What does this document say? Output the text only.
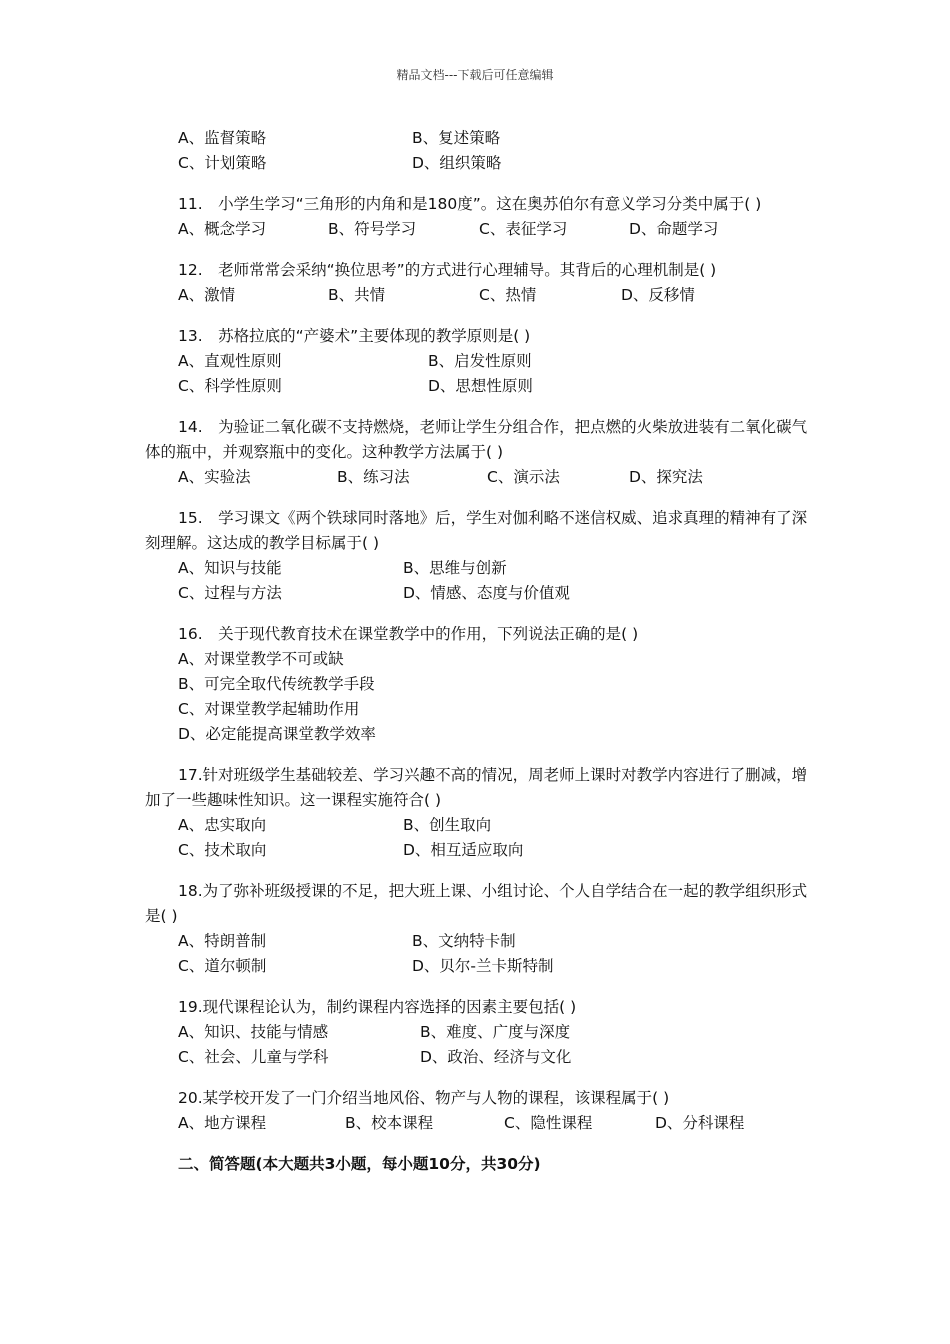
精品文档---下载后可任意编辑
A、监督策略	B、复述策略
C、计划策略	D、组织策略
11.　小学生学习“三角形的内角和是180度”。这在奥苏伯尔有意义学习分类中属于( )
A、概念学习	B、符号学习	C、表征学习	D、命题学习
12.　老师常常会采纳“换位思考”的方式进行心理辅导。其背后的心理机制是( )
A、激情	B、共情	C、热情	D、反移情
13.　苏格拉底的“产婆术”主要体现的教学原则是( )
A、直观性原则	B、启发性原则
C、科学性原则	D、思想性原则
14.　为验证二氧化碳不支持燃烧，老师让学生分组合作，把点燃的火柴放进装有二氧化碳气体的瓶中，并观察瓶中的变化。这种教学方法属于( )
A、实验法	B、练习法	C、演示法	D、探究法
15.　学习课文《两个铁球同时落地》后，学生对伽利略不迷信权威、追求真理的精神有了深刻理解。这达成的教学目标属于( )
A、知识与技能	B、思维与创新
C、过程与方法	D、情感、态度与价值观
16.　关于现代教育技术在课堂教学中的作用，下列说法正确的是( )
A、对课堂教学不可或缺
B、可完全取代传统教学手段
C、对课堂教学起辅助作用
D、必定能提高课堂教学效率
17.针对班级学生基础较差、学习兴趣不高的情况，周老师上课时对教学内容进行了删减，增加了一些趣味性知识。这一课程实施符合( )
A、忠实取向	B、创生取向
C、技术取向	D、相互适应取向
18.为了弥补班级授课的不足，把大班上课、小组讨论、个人自学结合在一起的教学组织形式是( )
A、特朗普制	B、文纳特卡制
C、道尔顿制	D、贝尔-兰卡斯特制
19.现代课程论认为，制约课程内容选择的因素主要包括( )
A、知识、技能与情感	B、难度、广度与深度
C、社会、儿童与学科	D、政治、经济与文化
20.某学校开发了一门介绍当地风俗、物产与人物的课程，该课程属于( )
A、地方课程	B、校本课程	C、隐性课程	D、分科课程
二、简答题(本大题共3小题，每小题10分，共30分)
